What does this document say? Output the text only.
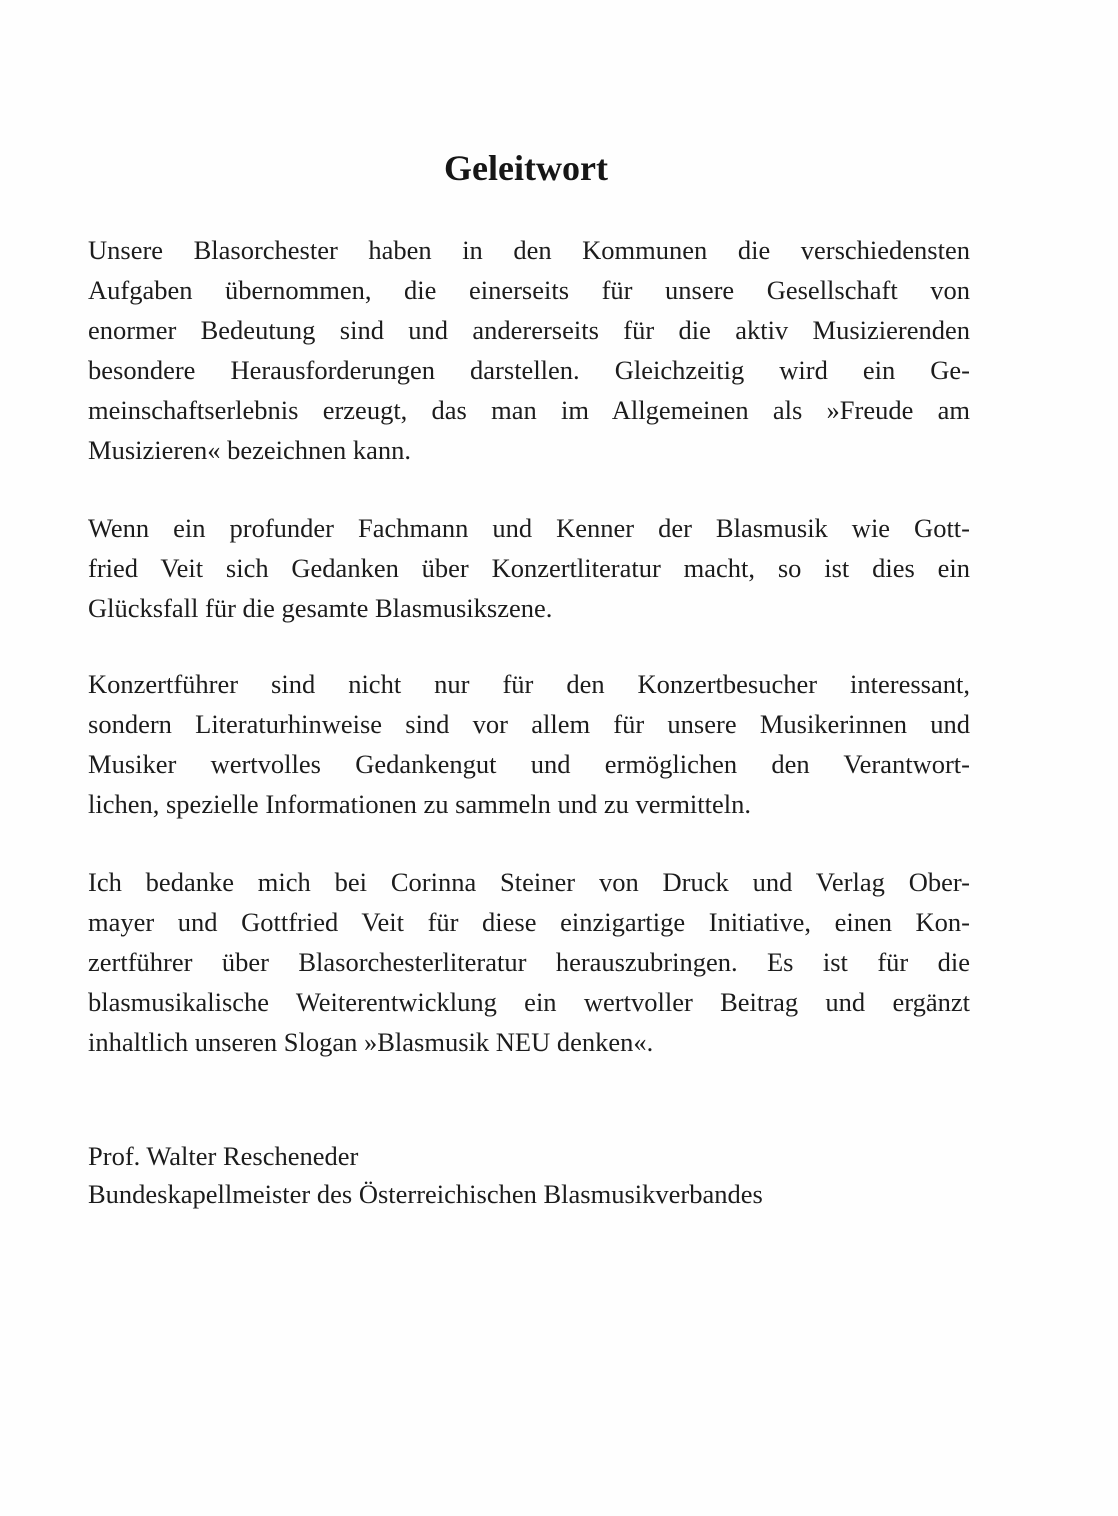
Geleitwort
Unsere Blasorchester haben in den Kommunen die verschiedensten
Aufgaben übernommen, die einerseits für unsere Gesellschaft von
enormer Bedeutung sind und andererseits für die aktiv Musizierenden
besondere Herausforderungen darstellen. Gleichzeitig wird ein Ge-
meinschaftserlebnis erzeugt, das man im Allgemeinen als »Freude am
Musizieren« bezeichnen kann.
Wenn ein profunder Fachmann und Kenner der Blasmusik wie Gott-
fried Veit sich Gedanken über Konzertliteratur macht, so ist dies ein
Glücksfall für die gesamte Blasmusikszene.
Konzertführer sind nicht nur für den Konzertbesucher interessant,
sondern Literaturhinweise sind vor allem für unsere Musikerinnen und
Musiker wertvolles Gedankengut und ermöglichen den Verantwort-
lichen, spezielle Informationen zu sammeln und zu vermitteln.
Ich bedanke mich bei Corinna Steiner von Druck und Verlag Ober-
mayer und Gottfried Veit für diese einzigartige Initiative, einen Kon-
zertführer über Blasorchesterliteratur herauszubringen. Es ist für die
blasmusikalische Weiterentwicklung ein wertvoller Beitrag und ergänzt
inhaltlich unseren Slogan »Blasmusik NEU denken«.
Prof. Walter Rescheneder
Bundeskapellmeister des Österreichischen Blasmusikverbandes
